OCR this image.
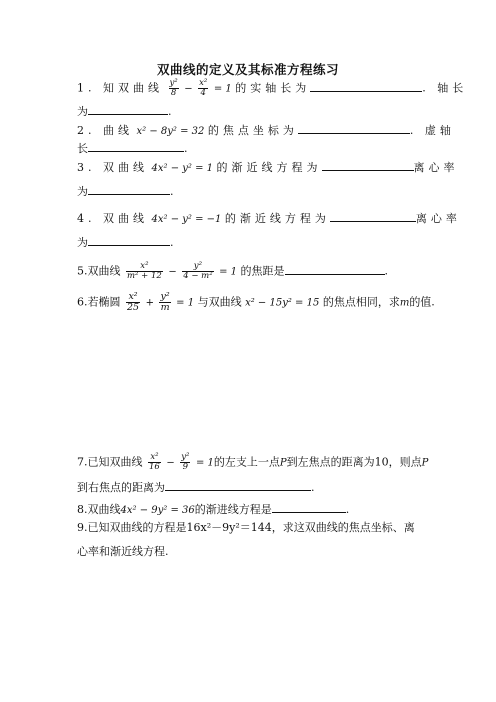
双曲线的定义及其标准方程练习
1. 知双曲线 $\frac{\text{y²}}{8} - \frac{\text{x²}}{4} = 1$ 的实轴长为	. 轴长
为	.
2. 曲线 x² − 8y² = 32 的焦点坐标为	. 虚轴
长	.
3. 双曲线 4x² − y² = 1 的渐近线方程为	离心率
为	.
4. 双曲线 4x² − y² = −1 的渐近线方程为	离心率
为	.
5.双曲线 $\frac{\text{x²}}{\text{m² + 12}} - \frac{\text{y²}}{\text{4 − m²}} = 1$ 的焦距是	.
6.若椭圆 $\frac{\text{x²}}{25} + \frac{\text{y²}}{m} = 1$ 与双曲线 x² − 15y² = 15 的焦点相同，求m的值.
7.已知双曲线 $\frac{\text{x²}}{16} - \frac{\text{y²}}{9} = 1$的左支上一点P到左焦点的距离为10，则点P
到右焦点的距离为	.
8.双曲线4x² − 9y² = 36的渐进线方程是	.
9.已知双曲线的方程是16x²－9y²＝144，求这双曲线的焦点坐标、离
心率和渐近线方程.
